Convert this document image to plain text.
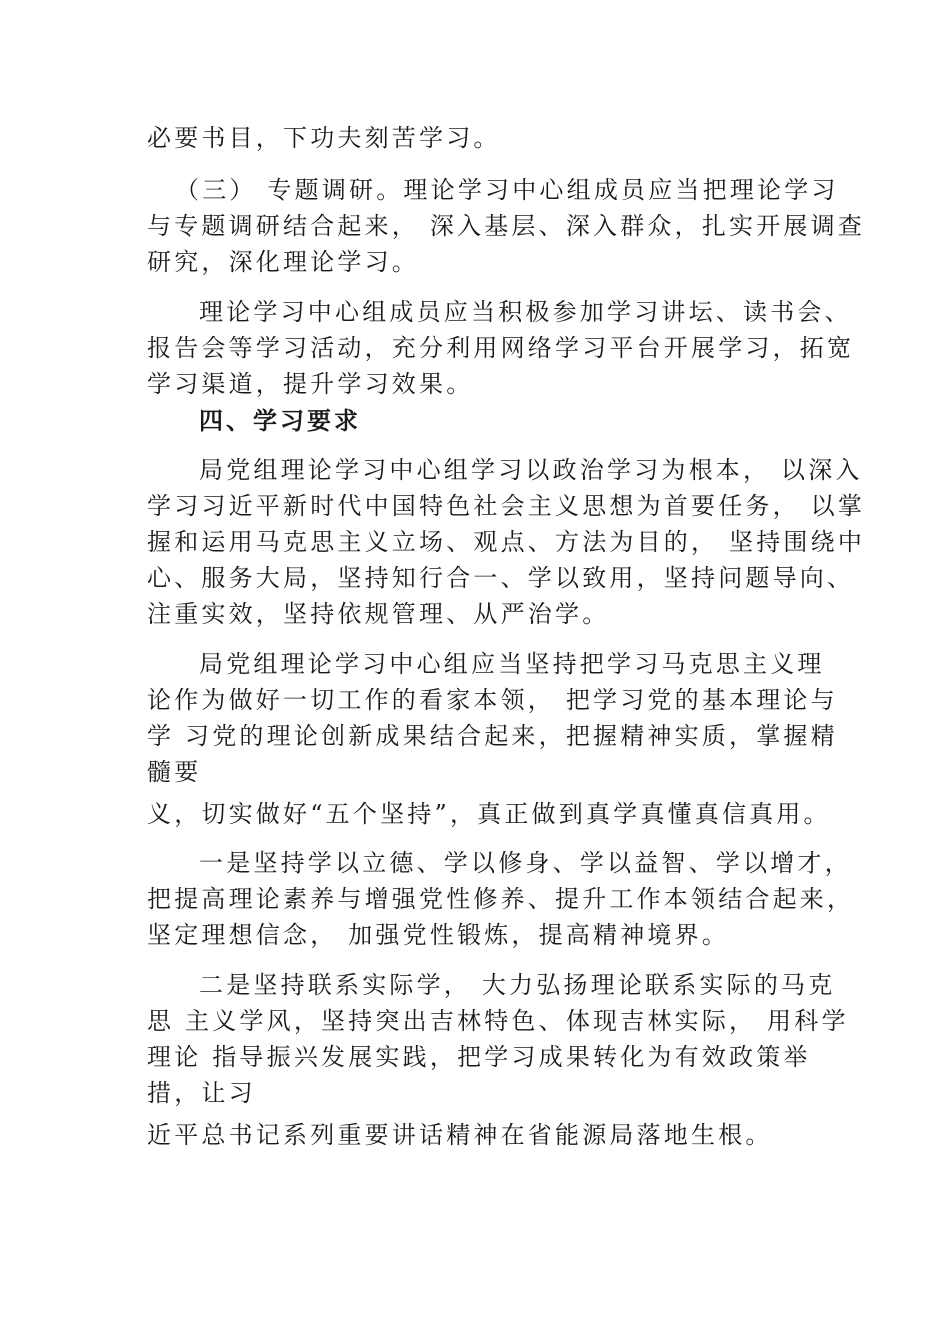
必要书目，下功夫刻苦学习。
（三） 专题调研。理论学习中心组成员应当把理论学习
与专题调研结合起来， 深入基层、深入群众，扎实开展调查
研究，深化理论学习。
理论学习中心组成员应当积极参加学习讲坛、读书会、
报告会等学习活动，充分利用网络学习平台开展学习，拓宽
学习渠道，提升学习效果。
四、学习要求
局党组理论学习中心组学习以政治学习为根本， 以深入
学习习近平新时代中国特色社会主义思想为首要任务， 以掌
握和运用马克思主义立场、观点、方法为目的， 坚持围绕中
心、服务大局，坚持知行合一、学以致用，坚持问题导向、
注重实效，坚持依规管理、从严治学。
局党组理论学习中心组应当坚持把学习马克思主义理
论作为做好一切工作的看家本领， 把学习党的基本理论与
学 习党的理论创新成果结合起来，把握精神实质，掌握精
髓要
义，切实做好“五个坚持”，真正做到真学真懂真信真用。
一是坚持学以立德、学以修身、学以益智、学以增才，
把提高理论素养与增强党性修养、提升工作本领结合起来，
坚定理想信念， 加强党性锻炼，提高精神境界。
二是坚持联系实际学， 大力弘扬理论联系实际的马克
思 主义学风，坚持突出吉林特色、体现吉林实际， 用科学
理论 指导振兴发展实践，把学习成果转化为有效政策举
措，让习
近平总书记系列重要讲话精神在省能源局落地生根。
